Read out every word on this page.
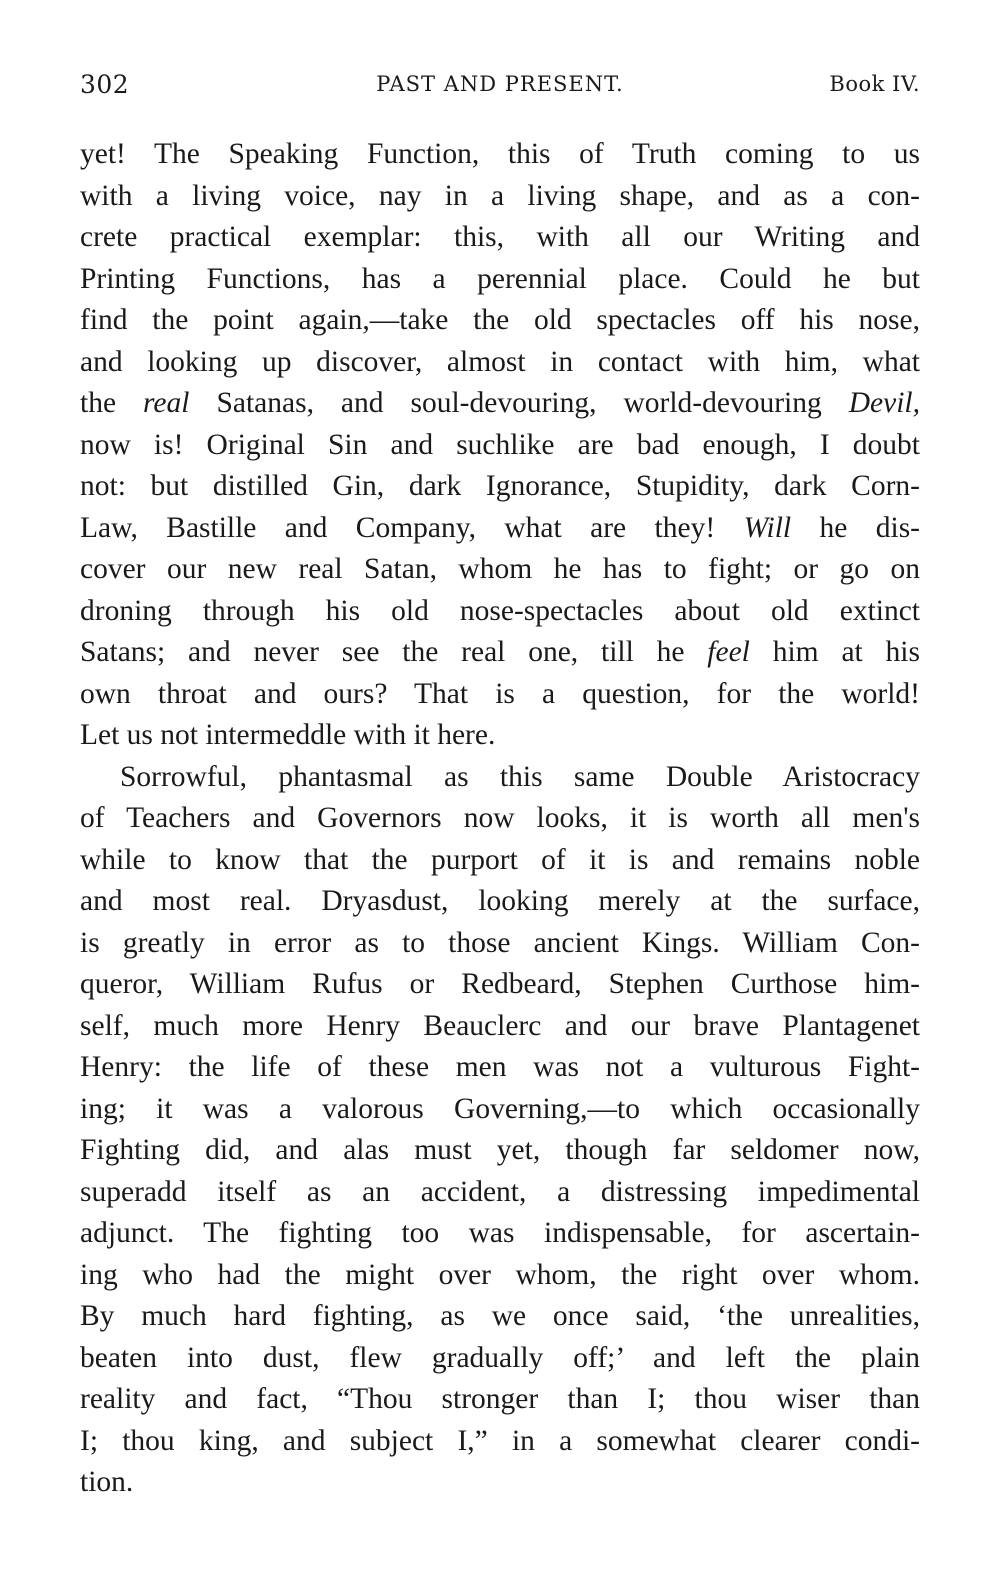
302	PAST AND PRESENT.	Book IV.
yet! The Speaking Function, this of Truth coming to us
with a living voice, nay in a living shape, and as a con-
crete practical exemplar: this, with all our Writing and
Printing Functions, has a perennial place. Could he but
find the point again,—take the old spectacles off his nose,
and looking up discover, almost in contact with him, what
the real Satanas, and soul-devouring, world-devouring Devil,
now is! Original Sin and suchlike are bad enough, I doubt
not: but distilled Gin, dark Ignorance, Stupidity, dark Corn-
Law, Bastille and Company, what are they! Will he dis-
cover our new real Satan, whom he has to fight; or go on
droning through his old nose-spectacles about old extinct
Satans; and never see the real one, till he feel him at his
own throat and ours? That is a question, for the world!
Let us not intermeddle with it here.
Sorrowful, phantasmal as this same Double Aristocracy
of Teachers and Governors now looks, it is worth all men's
while to know that the purport of it is and remains noble
and most real. Dryasdust, looking merely at the surface,
is greatly in error as to those ancient Kings. William Con-
queror, William Rufus or Redbeard, Stephen Curthose him-
self, much more Henry Beauclerc and our brave Plantagenet
Henry: the life of these men was not a vulturous Fight-
ing; it was a valorous Governing,—to which occasionally
Fighting did, and alas must yet, though far seldomer now,
superadd itself as an accident, a distressing impedimental
adjunct. The fighting too was indispensable, for ascertain-
ing who had the might over whom, the right over whom.
By much hard fighting, as we once said, ‘the unrealities,
beaten into dust, flew gradually off;’ and left the plain
reality and fact, “Thou stronger than I; thou wiser than
I; thou king, and subject I,” in a somewhat clearer condi-
tion.
